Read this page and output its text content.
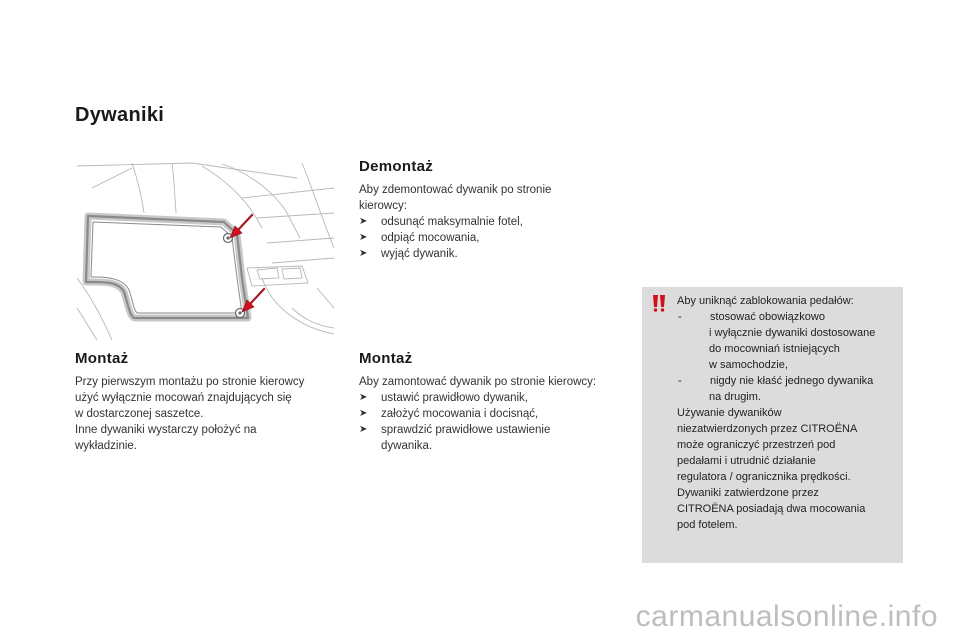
Dywaniki
Montaż
Przy pierwszym montażu po stronie kierowcy
użyć wyłącznie mocowań znajdujących się
w dostarczonej saszetce.
Inne dywaniki wystarczy położyć na
wykładzinie.
Demontaż
Aby zdemontować dywanik po stronie
kierowcy:
➤	odsunąć maksymalnie fotel,
➤	odpiąć mocowania,
➤	wyjąć dywanik.
Montaż
Aby zamontować dywanik po stronie kierowcy:
➤	ustawić prawidłowo dywanik,
➤	założyć mocowania i docisnąć,
➤	sprawdzić prawidłowe ustawienie
dywanika.
Aby uniknąć zablokowania pedałów:
-	stosować obowiązkowo
i wyłącznie dywaniki dostosowane
do mocowniań istniejących
w samochodzie,
-	nigdy nie kłaść jednego dywanika
na drugim.
Używanie dywaników
niezatwierdzonych przez CITROËNA
może ograniczyć przestrzeń pod
pedałami i utrudnić działanie
regulatora / ogranicznika prędkości.
Dywaniki zatwierdzone przez
CITROËNA posiadają dwa mocowania
pod fotelem.
carmanualsonline.info
